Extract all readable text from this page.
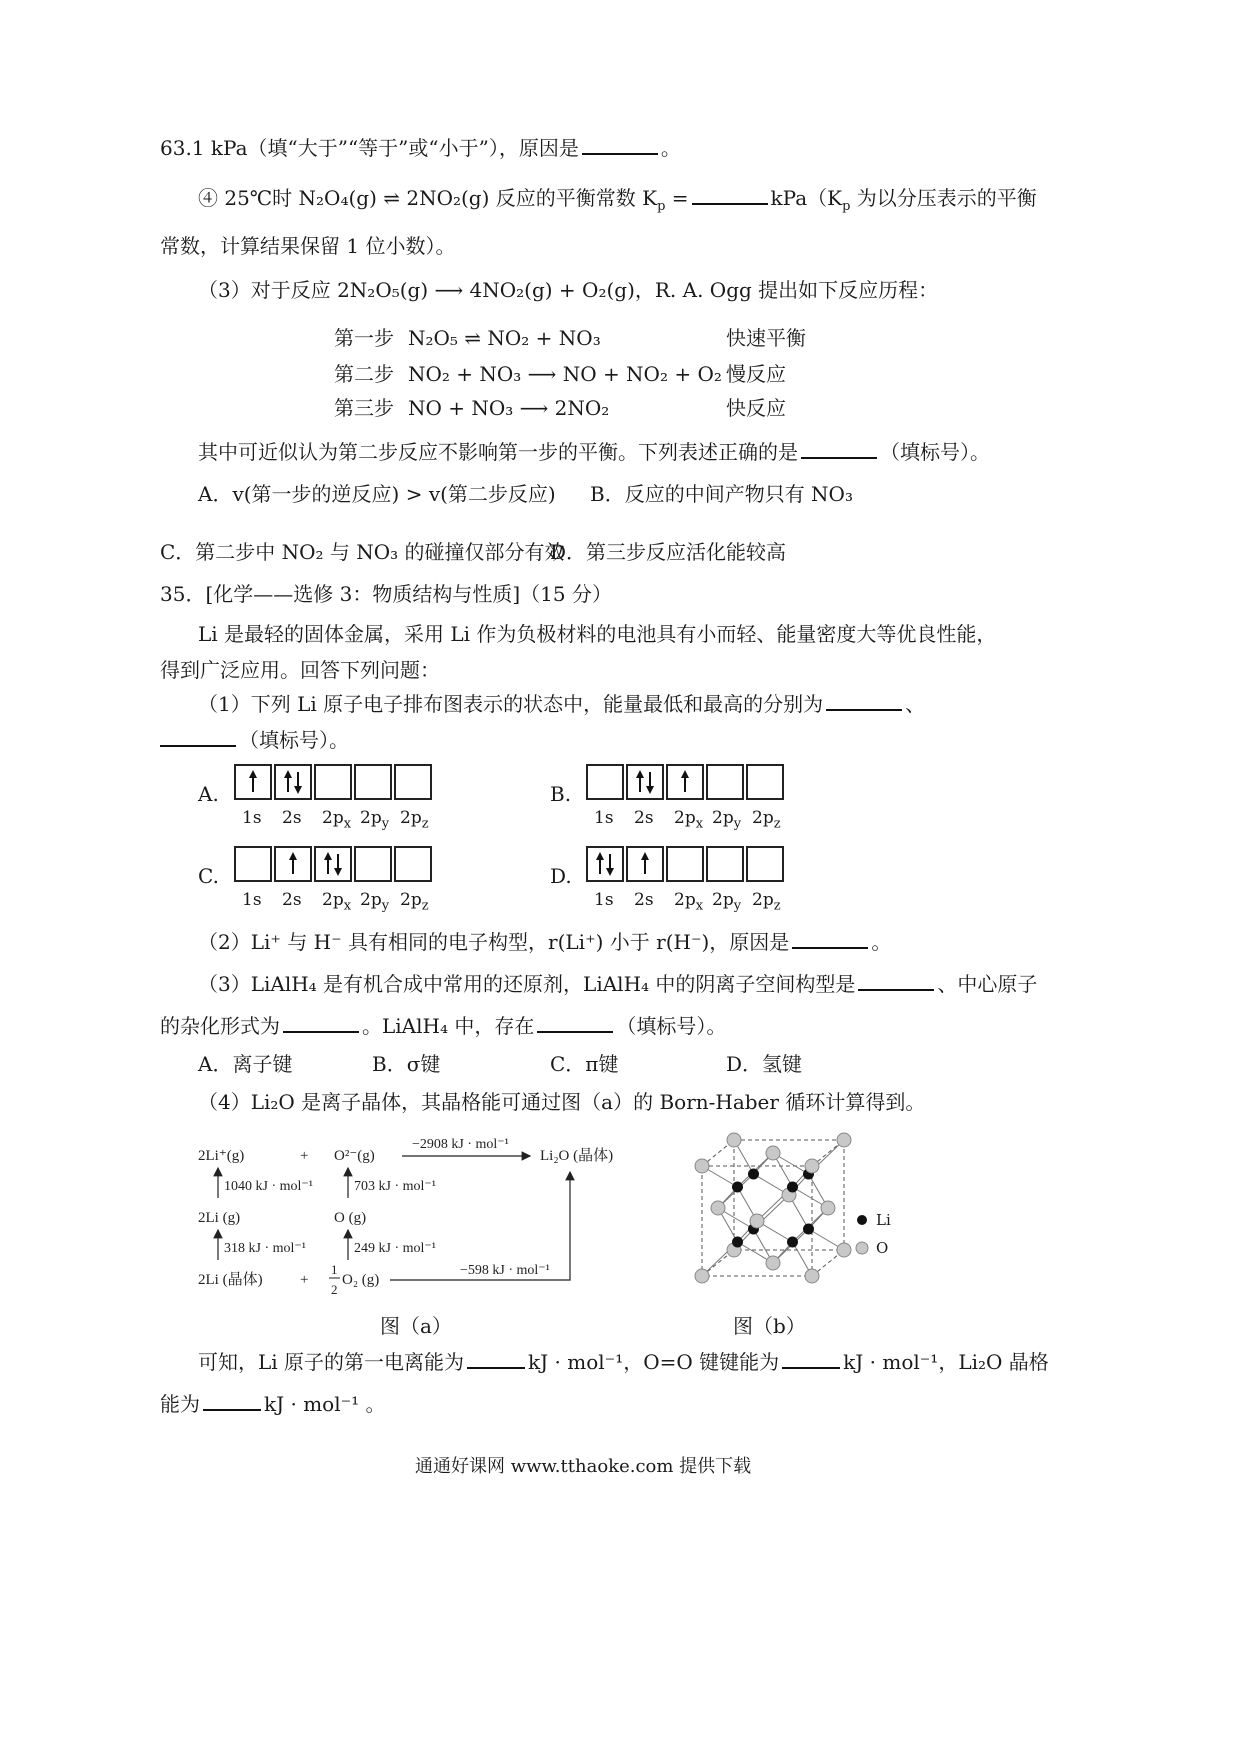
63.1 kPa（填“大于”“等于”或“小于”），原因是	。
④ 25℃时 N₂O₄(g) ⇌ 2NO₂(g) 反应的平衡常数 $K_p$ =	$kPa(K_p$ 为以分压表示的平衡
常数，计算结果保留 1 位小数）。
（3）对于反应 2N₂O₅(g) ⟶ 4NO₂(g) + O₂(g)，R. A. Ogg 提出如下反应历程：
第一步 N₂O₅ ⇌ NO₂ + NO₃	快速平衡
第二步 NO₂ + NO₃ ⟶ NO + NO₂ + O₂ 慢反应
第三步 NO + NO₃ ⟶ 2NO₂	快反应
其中可近似认为第二步反应不影响第一步的平衡。下列表述正确的是	（填标号）。
A．v(第一步的逆反应) > v(第二步反应) B．反应的中间产物只有 NO₃
C．第二步中 NO₂ 与 NO₃ 的碰撞仅部分有效
D．第三步反应活化能较高
35．[化学——选修 3：物质结构与性质]（15 分）
Li 是最轻的固体金属，采用 Li 作为负极材料的电池具有小而轻、能量密度大等优良性能，
得到广泛应用。回答下列问题：
（1）下列 Li 原子电子排布图表示的状态中，能量最低和最高的分别为	、
（填标号）。
A.
1s 2s $2p_x$ $2p_y$ $2p_z$
B.
1s 2s $2p_x$ $2p_y$ $2p_z$
C.
1s 2s $2p_x$ $2p_y$ $2p_z$
D.
1s 2s $2p_x$ $2p_y$ $2p_z$
（2）Li⁺ 与 H⁻ 具有相同的电子构型，r(Li⁺) 小于 r(H⁻)，原因是	。
（3）LiAlH₄ 是有机合成中常用的还原剂，LiAlH₄ 中的阴离子空间构型是	、中心原子
的杂化形式为	。LiAlH₄ 中，存在	（填标号）。
A．离子键	B．σ键	C．π键	D．氢键
（4）Li₂O 是离子晶体，其晶格能可通过图（a）的 Born-Haber 循环计算得到。
2Li⁺(g)	+ O²⁻(g)
−2908 kJ · mol⁻¹
Li₂O (晶体)
1040 kJ · mol⁻¹	703 kJ · mol⁻¹
2Li (g)	O (g)
318 kJ · mol⁻¹	249 kJ · mol⁻¹
2Li (晶体) +
1
2
O₂ (g)
−598 kJ · mol⁻¹
Li
O
图（a）	图（b）
可知，Li 原子的第一电离能为	kJ · mol⁻¹，O=O 键键能为	kJ · mol⁻¹，Li₂O 晶格
能为	kJ · mol⁻¹ 。
通通好课网 www.tthaoke.com 提供下载
